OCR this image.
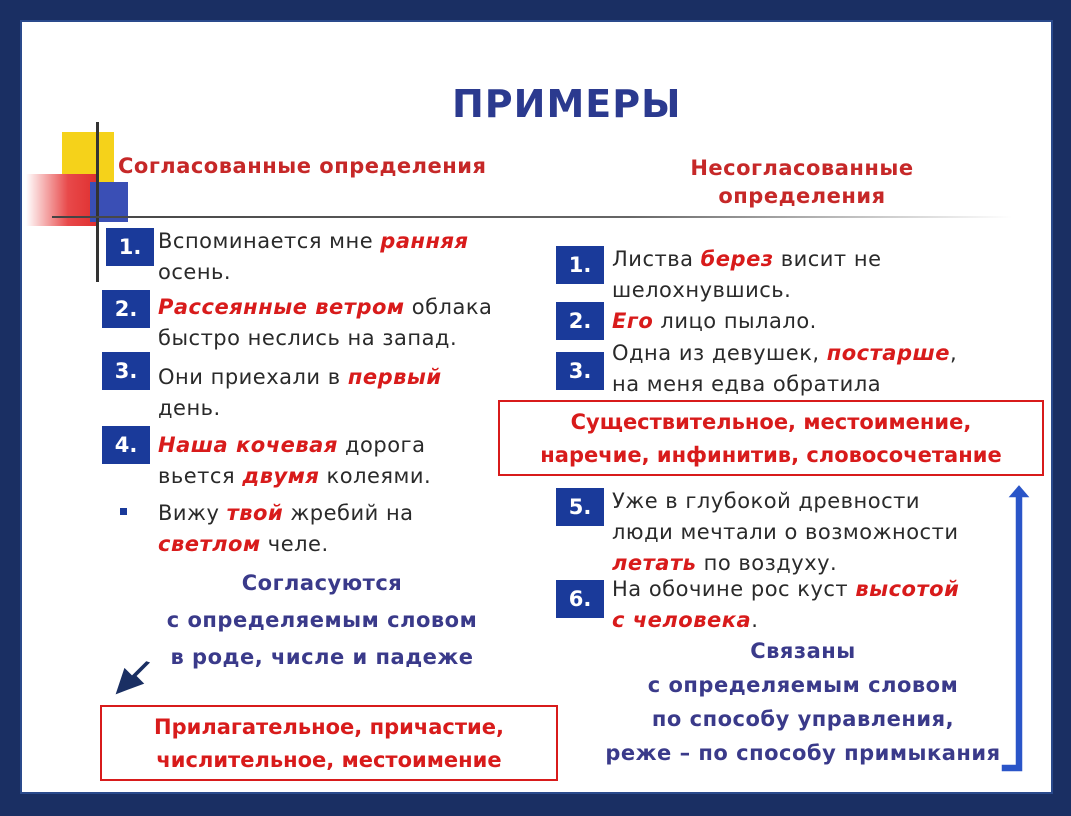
ПРИМЕРЫ
Согласованные определения	Несогласованные
определения
1. Вспоминается мне ранняя
осень.
2. Рассеянные ветром облака
быстро неслись на запад.
3. Они приехали в первый
день.
4. Наша кочевая дорога
вьется двумя колеями.
Вижу твой жребий на
светлом челе.
Согласуются
с определяемым словом
в роде, числе и падеже
1. Листва берез висит не
шелохнувшись.
2. Его лицо пылало.
3.
Одна из девушек, постарше,
на меня едва обратила
Существительное, местоимение,
наречие, инфинитив, словосочетание
5. Уже в глубокой древности
люди мечтали о возможности
летать по воздуху.
6. На обочине рос куст высотой
с человека.
Связаны
с определяемым словом
по способу управления,
реже – по способу примыкания
Прилагательное, причастие,
числительное, местоимение
